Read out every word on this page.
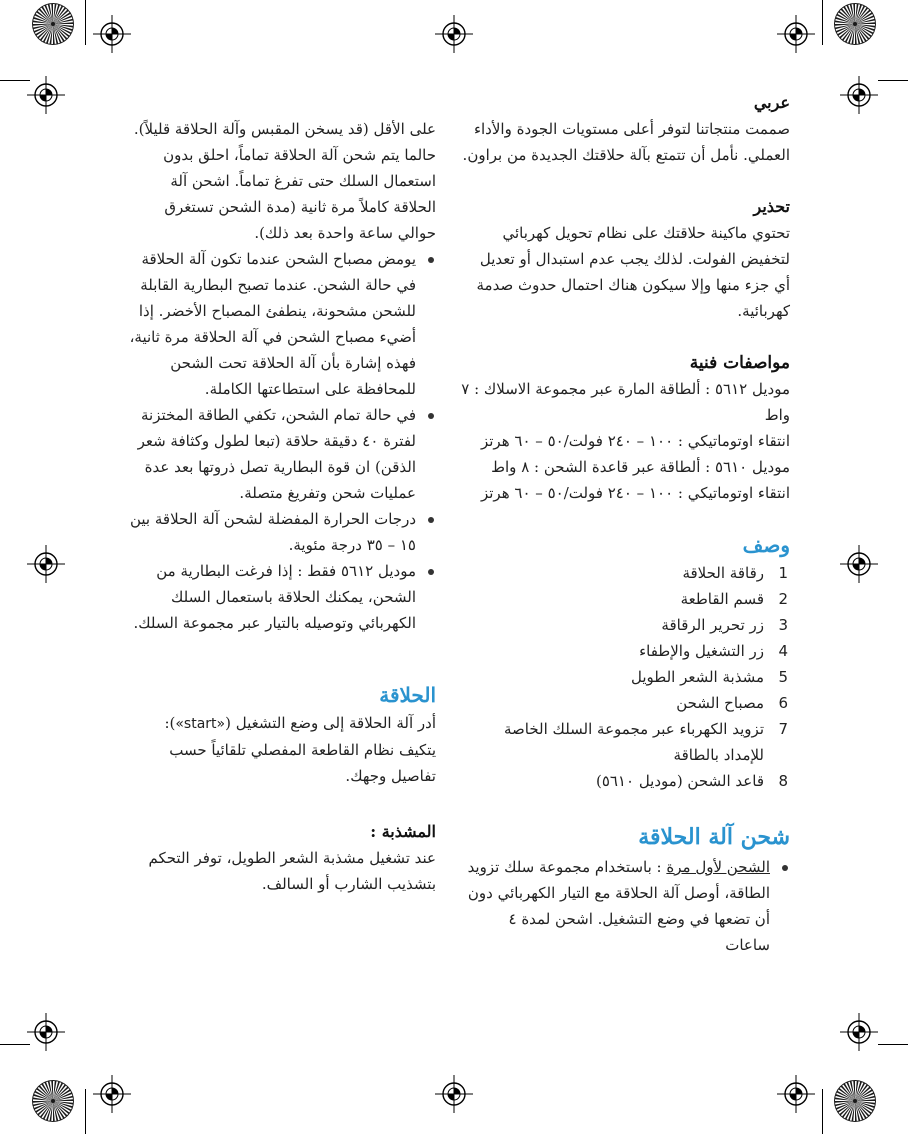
عربي

صممت منتجاتنا لتوفر أعلى مستويات الجودة والأداء العملي. نأمل أن تتمتع بآلة حلاقتك الجديدة من براون.

تحذير

تحتوي ماكينة حلاقتك على نظام تحويل كهربائي لتخفيض الفولت. لذلك يجب عدم استبدال أو تعديل أي جزء منها وإلا سيكون هناك احتمال حدوث صدمة كهربائية.

مواصفات فنية

موديل ٥٦١٢ : ألطاقة المارة عبر مجموعة الاسلاك : ٧ واط

انتقاء اوتوماتيكي : ١٠٠ – ٢٤٠ فولت/٥٠ – ٦٠ هرتز

موديل ٥٦١٠ : ألطاقة عبر قاعدة الشحن : ٨ واط

انتقاء اوتوماتيكي : ١٠٠ – ٢٤٠ فولت/٥٠ – ٦٠ هرتز

وصف
1
رقاقة الحلاقة
2
قسم القاطعة
3
زر تحرير الرقاقة
4
زر التشغيل والإطفاء
5
مشذبة الشعر الطويل
6
مصباح الشحن
7
تزويد الكهرباء عبر مجموعة السلك الخاصة للإمداد بالطاقة
8
قاعد الشحن (موديل ٥٦١٠)
شحن آلة الحلاقة
الشحن لأول مرة : باستخدام مجموعة سلك تزويد الطاقة، أوصل آلة الحلاقة مع التيار الكهربائي دون أن تضعها في وضع التشغيل. اشحن لمدة ٤ ساعات

على الأقل (قد يسخن المقبس وآلة الحلاقة قليلاً). حالما يتم شحن آلة الحلاقة تماماً، احلق بدون استعمال السلك حتى تفرغ تماماً. اشحن آلة الحلاقة كاملاً مرة ثانية (مدة الشحن تستغرق حوالي ساعة واحدة بعد ذلك).

يومض مصباح الشحن عندما تكون آلة الحلاقة في حالة الشحن. عندما تصبح البطارية القابلة للشحن مشحونة، ينطفئ المصباح الأخضر. إذا أضيء مصباح الشحن في آلة الحلاقة مرة ثانية، فهذه إشارة بأن آلة الحلاقة تحت الشحن للمحافظة على استطاعتها الكاملة.
في حالة تمام الشحن، تكفي الطاقة المختزنة لفترة ٤٠ دقيقة حلاقة (تبعا لطول وكثافة شعر الذقن) ان قوة البطارية تصل ذروتها بعد عدة عمليات شحن وتفريغ متصلة.
درجات الحرارة المفضلة لشحن آلة الحلاقة بين ١٥ – ٣٥ درجة مئوية.
موديل ٥٦١٢ فقط : إذا فرغت البطارية من الشحن، يمكنك الحلاقة باستعمال السلك الكهربائي وتوصيله بالتيار عبر مجموعة السلك.
الحلاقة

أدر آلة الحلاقة إلى وضع التشغيل («start»): يتكيف نظام القاطعة المفصلي تلقائياً حسب تفاصيل وجهك.

المشذبة :

عند تشغيل مشذبة الشعر الطويل، توفر التحكم بتشذيب الشارب أو السالف.
